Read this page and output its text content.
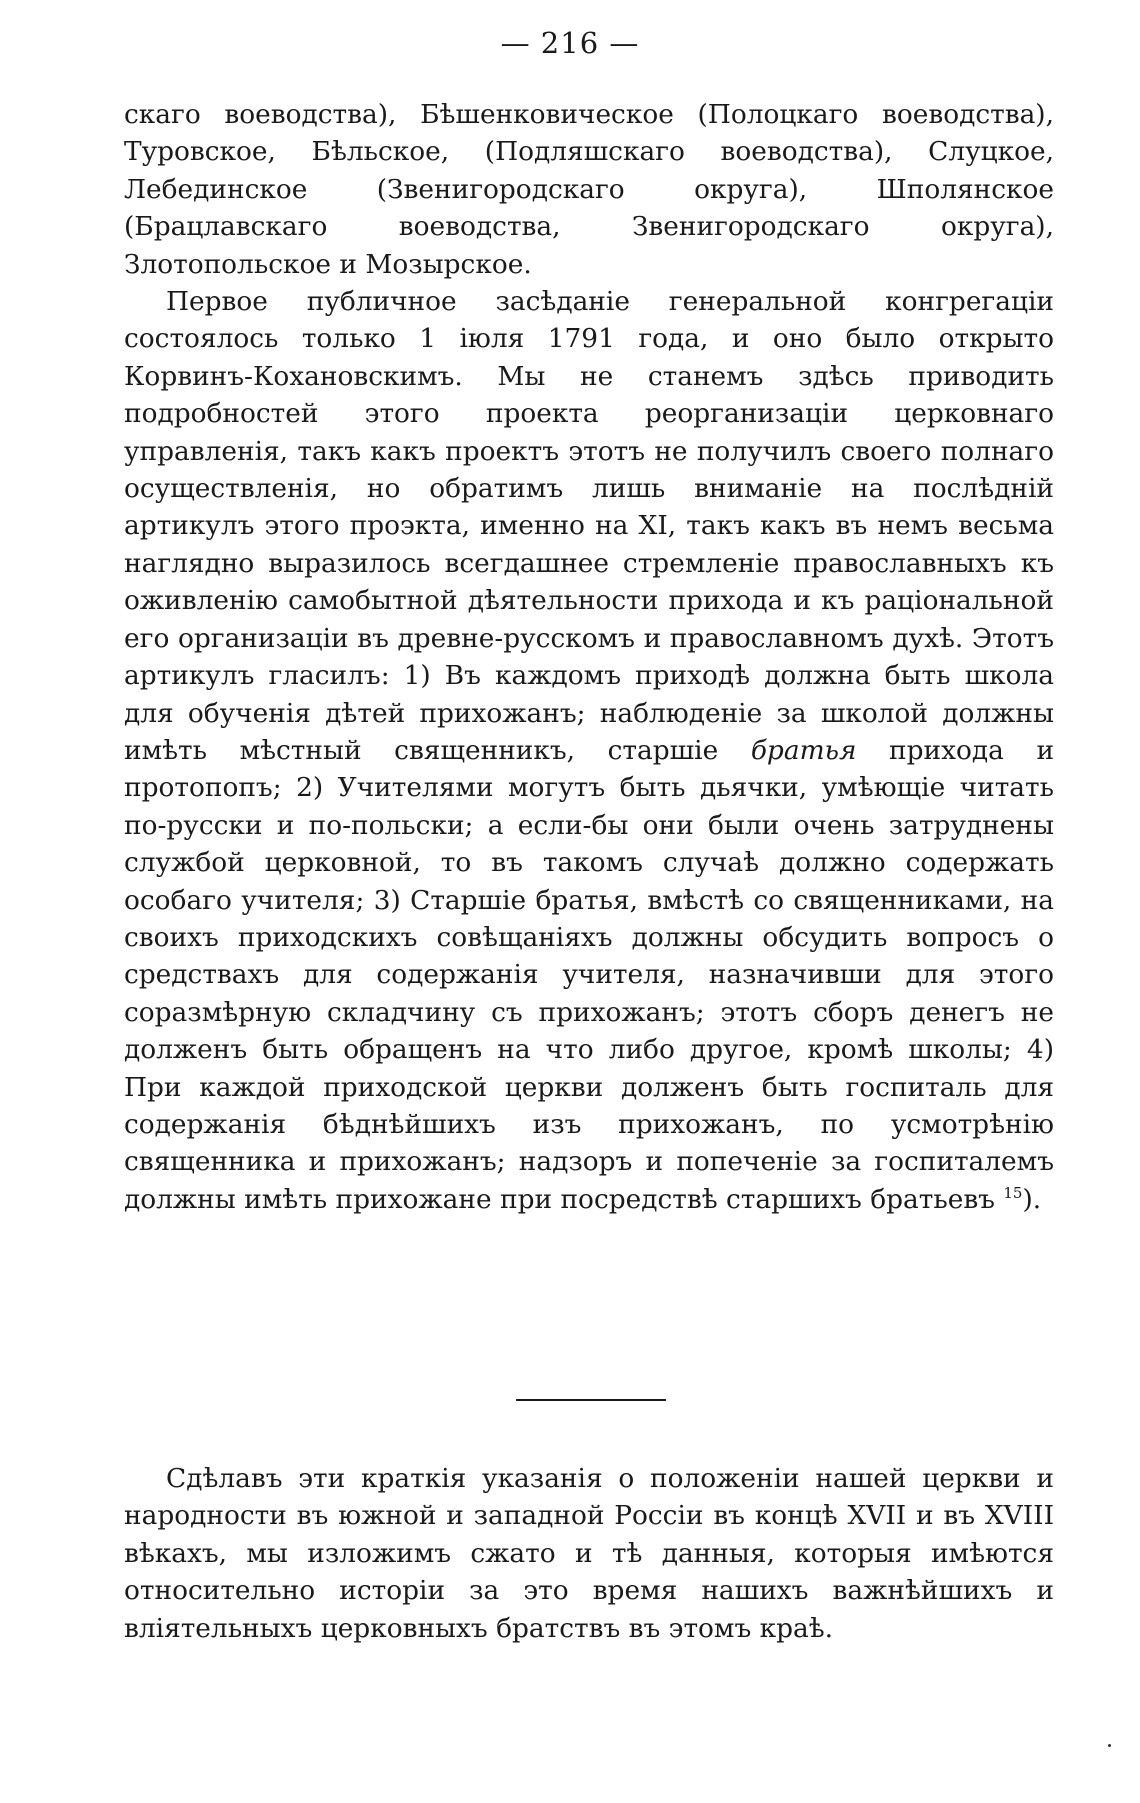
— 216 —

скаго воеводства), Бѣшенковическое (Полоцкаго воеводства), Туровское, Бѣльское, (Подляшскаго воеводства), Слуцкое, Лебединское (Звенигородскаго округа), Шполянское (Брацлавскаго воеводства, Звенигородскаго округа), Злотопольское и Мозырское.

Первое публичное засѣданіе генеральной конгрегаціи состоялось только 1 іюля 1791 года, и оно было открыто Корвинъ-Кохановскимъ. Мы не станемъ здѣсь приводить подробностей этого проекта реорганизаціи церковнаго управленія, такъ какъ проектъ этотъ не получилъ своего полнаго осуществленія, но обратимъ лишь вниманіе на послѣдній артикулъ этого проэкта, именно на XI, такъ какъ въ немъ весьма наглядно выразилось всегдашнее стремленіе православныхъ къ оживленію самобытной дѣятельности прихода и къ раціональной его организаціи въ древне-русскомъ и православномъ духѣ. Этотъ артикулъ гласилъ: 1) Въ каждомъ приходѣ должна быть школа для обученія дѣтей прихожанъ; наблюденіе за школой должны имѣть мѣстный священникъ, старшіе братья прихода и протопопъ; 2) Учителями могутъ быть дьячки, умѣющіе читать по-русски и по-польски; а если-бы они были очень затруднены службой церковной, то въ такомъ случаѣ должно содержать особаго учителя; 3) Старшіе братья, вмѣстѣ со священниками, на своихъ приходскихъ совѣщаніяхъ должны обсудить вопросъ о средствахъ для содержанія учителя, назначивши для этого соразмѣрную складчину съ прихожанъ; этотъ сборъ денегъ не долженъ быть обращенъ на что либо другое, кромѣ школы; 4) При каждой приходской церкви долженъ быть госпиталь для содержанія бѣднѣйшихъ изъ прихожанъ, по усмотрѣнію священника и прихожанъ; надзоръ и попеченіе за госпиталемъ должны имѣть прихожане при посредствѣ старшихъ братьевъ $^{15}$).

Сдѣлавъ эти краткія указанія о положеніи нашей церкви и народности въ южной и западной Россіи въ концѣ XVII и въ XVIII вѣкахъ, мы изложимъ сжато и тѣ данныя, которыя имѣются относительно исторіи за это время нашихъ важнѣйшихъ и вліятельныхъ церковныхъ братствъ въ этомъ краѣ.
